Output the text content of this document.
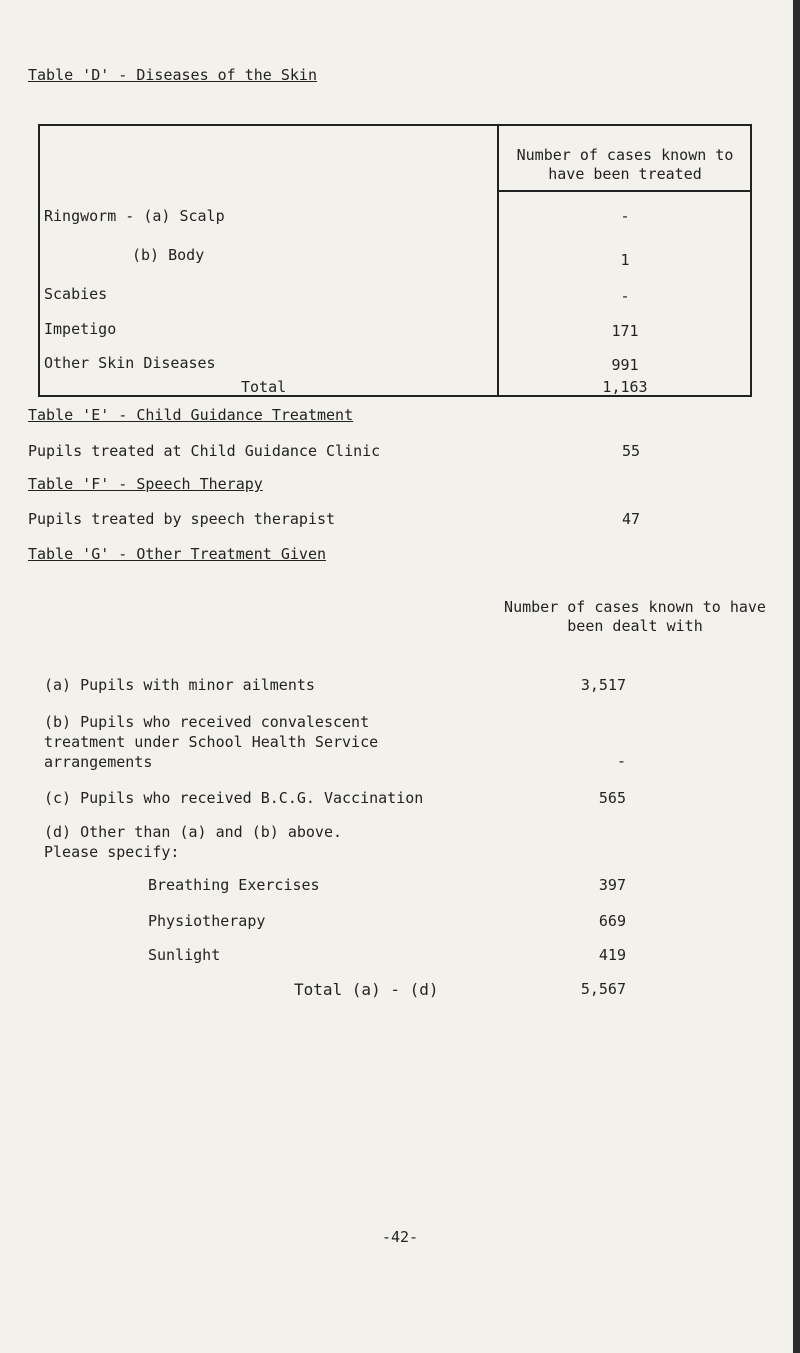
Table 'D' - Diseases of the Skin
Number of cases known to have been treated
Ringworm - (a) Scalp	-
(b) Body	1
Scabies	-
Impetigo	171
Other Skin Diseases	991
Total	1,163
Table 'E' - Child Guidance Treatment
Pupils treated at Child Guidance Clinic	55
Table 'F' - Speech Therapy
Pupils treated by speech therapist	47
Table 'G' - Other Treatment Given
Number of cases known to have been dealt with
(a) Pupils with minor ailments	3,517
(b) Pupils who received convalescent treatment under School Health Service arrangements	-
(c) Pupils who received B.C.G. Vaccination	565
(d) Other than (a) and (b) above. Please specify:
Breathing Exercises	397
Physiotherapy	669
Sunlight	419
Total (a) - (d)	5,567
-42-
